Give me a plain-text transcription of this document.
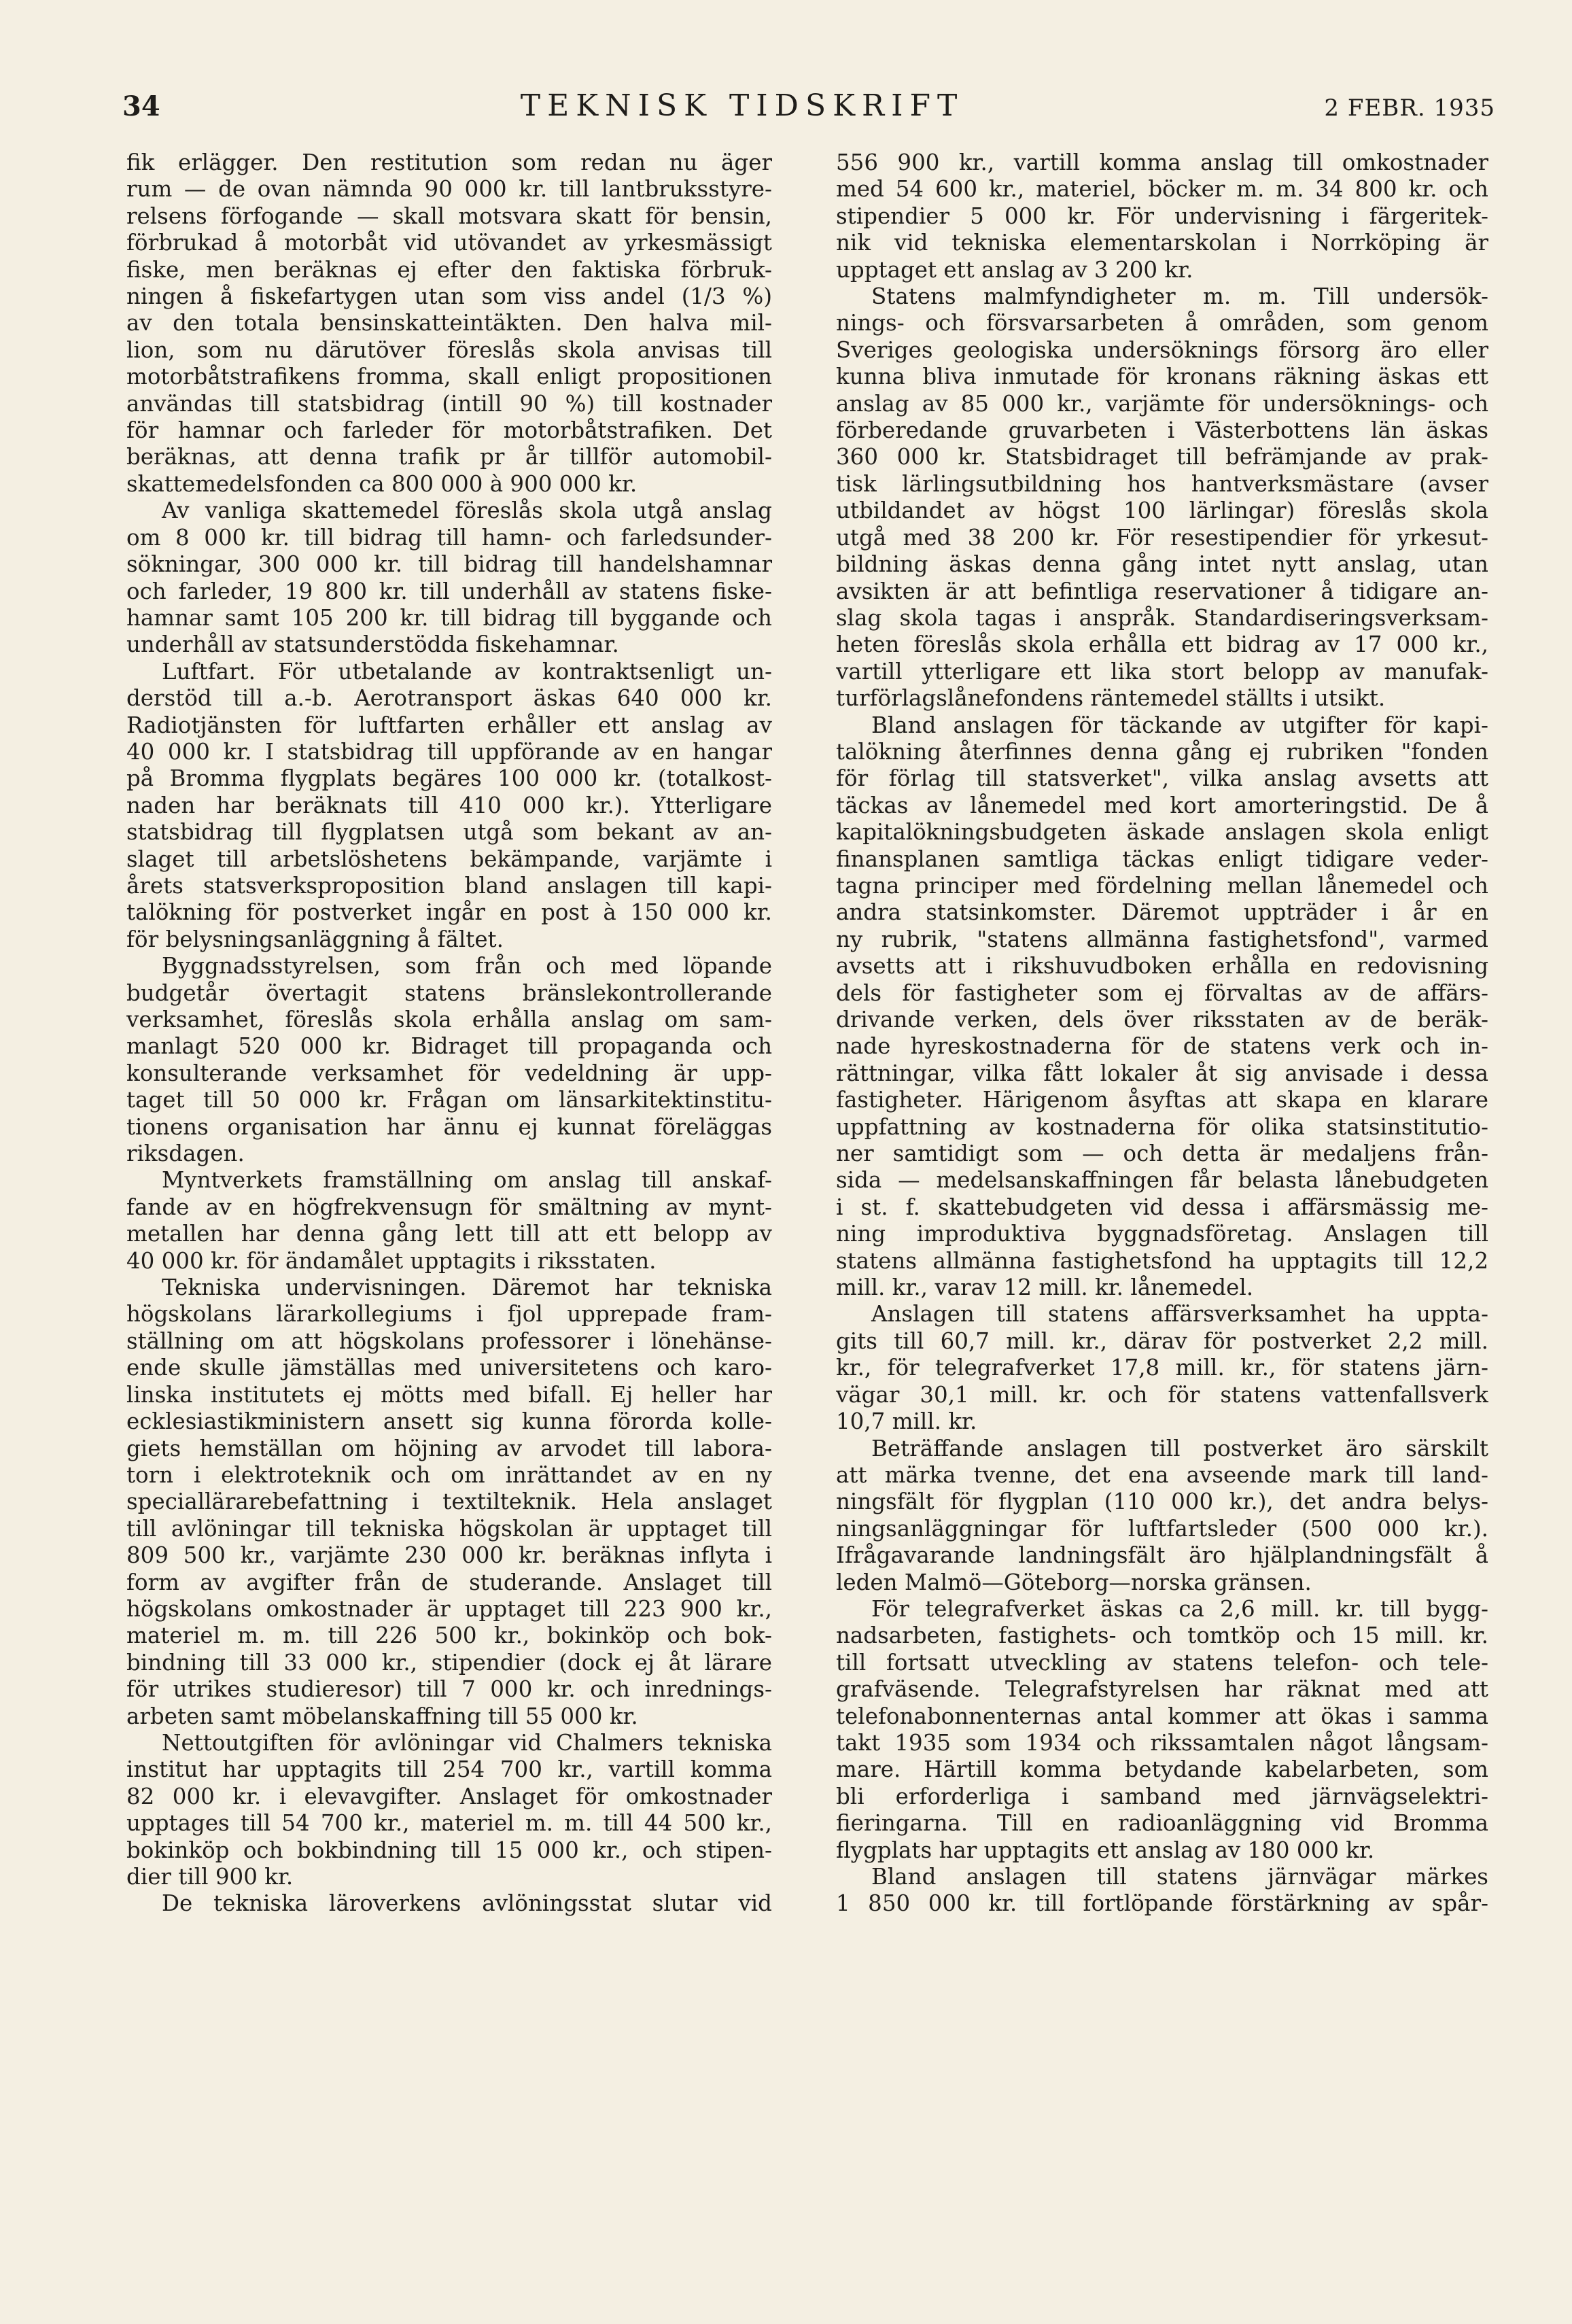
34	TEKNISK TIDSKRIFT	2 FEBR. 1935
fik erlägger. Den restitution som redan nu äger
rum — de ovan nämnda 90 000 kr. till lantbruksstyre-
relsens förfogande — skall motsvara skatt för bensin,
förbrukad å motorbåt vid utövandet av yrkesmässigt
fiske, men beräknas ej efter den faktiska förbruk-
ningen å fiskefartygen utan som viss andel (1/3 %)
av den totala bensinskatteintäkten. Den halva mil-
lion, som nu därutöver föreslås skola anvisas till
motorbåtstrafikens fromma, skall enligt propositionen
användas till statsbidrag (intill 90 %) till kostnader
för hamnar och farleder för motorbåtstrafiken. Det
beräknas, att denna trafik pr år tillför automobil-
skattemedelsfonden ca 800 000 à 900 000 kr.
Av vanliga skattemedel föreslås skola utgå anslag
om 8 000 kr. till bidrag till hamn- och farledsunder-
sökningar, 300 000 kr. till bidrag till handelshamnar
och farleder, 19 800 kr. till underhåll av statens fiske-
hamnar samt 105 200 kr. till bidrag till byggande och
underhåll av statsunderstödda fiskehamnar.
Luftfart. För utbetalande av kontraktsenligt un-
derstöd till a.-b. Aerotransport äskas 640 000 kr.
Radiotjänsten för luftfarten erhåller ett anslag av
40 000 kr. I statsbidrag till uppförande av en hangar
på Bromma flygplats begäres 100 000 kr. (totalkost-
naden har beräknats till 410 000 kr.). Ytterligare
statsbidrag till flygplatsen utgå som bekant av an-
slaget till arbetslöshetens bekämpande, varjämte i
årets statsverksproposition bland anslagen till kapi-
talökning för postverket ingår en post à 150 000 kr.
för belysningsanläggning å fältet.
Byggnadsstyrelsen, som från och med löpande
budgetår övertagit statens bränslekontrollerande
verksamhet, föreslås skola erhålla anslag om sam-
manlagt 520 000 kr. Bidraget till propaganda och
konsulterande verksamhet för vedeldning är upp-
taget till 50 000 kr. Frågan om länsarkitektinstitu-
tionens organisation har ännu ej kunnat föreläggas
riksdagen.
Myntverkets framställning om anslag till anskaf-
fande av en högfrekvensugn för smältning av mynt-
metallen har denna gång lett till att ett belopp av
40 000 kr. för ändamålet upptagits i riksstaten.
Tekniska undervisningen. Däremot har tekniska
högskolans lärarkollegiums i fjol upprepade fram-
ställning om att högskolans professorer i lönehänse-
ende skulle jämställas med universitetens och karo-
linska institutets ej mötts med bifall. Ej heller har
ecklesiastikministern ansett sig kunna förorda kolle-
giets hemställan om höjning av arvodet till labora-
torn i elektroteknik och om inrättandet av en ny
speciallärarebefattning i textilteknik. Hela anslaget
till avlöningar till tekniska högskolan är upptaget till
809 500 kr., varjämte 230 000 kr. beräknas inflyta i
form av avgifter från de studerande. Anslaget till
högskolans omkostnader är upptaget till 223 900 kr.,
materiel m. m. till 226 500 kr., bokinköp och bok-
bindning till 33 000 kr., stipendier (dock ej åt lärare
för utrikes studieresor) till 7 000 kr. och inrednings-
arbeten samt möbelanskaffning till 55 000 kr.
Nettoutgiften för avlöningar vid Chalmers tekniska
institut har upptagits till 254 700 kr., vartill komma
82 000 kr. i elevavgifter. Anslaget för omkostnader
upptages till 54 700 kr., materiel m. m. till 44 500 kr.,
bokinköp och bokbindning till 15 000 kr., och stipen-
dier till 900 kr.
De tekniska läroverkens avlöningsstat slutar vid
556 900 kr., vartill komma anslag till omkostnader
med 54 600 kr., materiel, böcker m. m. 34 800 kr. och
stipendier 5 000 kr. För undervisning i färgeritek-
nik vid tekniska elementarskolan i Norrköping är
upptaget ett anslag av 3 200 kr.
Statens malmfyndigheter m. m. Till undersök-
nings- och försvarsarbeten å områden, som genom
Sveriges geologiska undersöknings försorg äro eller
kunna bliva inmutade för kronans räkning äskas ett
anslag av 85 000 kr., varjämte för undersöknings- och
förberedande gruvarbeten i Västerbottens län äskas
360 000 kr. Statsbidraget till befrämjande av prak-
tisk lärlingsutbildning hos hantverksmästare (avser
utbildandet av högst 100 lärlingar) föreslås skola
utgå med 38 200 kr. För resestipendier för yrkesut-
bildning äskas denna gång intet nytt anslag, utan
avsikten är att befintliga reservationer å tidigare an-
slag skola tagas i anspråk. Standardiseringsverksam-
heten föreslås skola erhålla ett bidrag av 17 000 kr.,
vartill ytterligare ett lika stort belopp av manufak-
turförlagslånefondens räntemedel ställts i utsikt.
Bland anslagen för täckande av utgifter för kapi-
talökning återfinnes denna gång ej rubriken "fonden
för förlag till statsverket", vilka anslag avsetts att
täckas av lånemedel med kort amorteringstid. De å
kapitalökningsbudgeten äskade anslagen skola enligt
finansplanen samtliga täckas enligt tidigare veder-
tagna principer med fördelning mellan lånemedel och
andra statsinkomster. Däremot uppträder i år en
ny rubrik, "statens allmänna fastighetsfond", varmed
avsetts att i rikshuvudboken erhålla en redovisning
dels för fastigheter som ej förvaltas av de affärs-
drivande verken, dels över riksstaten av de beräk-
nade hyreskostnaderna för de statens verk och in-
rättningar, vilka fått lokaler åt sig anvisade i dessa
fastigheter. Härigenom åsyftas att skapa en klarare
uppfattning av kostnaderna för olika statsinstitutio-
ner samtidigt som — och detta är medaljens från-
sida — medelsanskaffningen får belasta lånebudgeten
i st. f. skattebudgeten vid dessa i affärsmässig me-
ning improduktiva byggnadsföretag. Anslagen till
statens allmänna fastighetsfond ha upptagits till 12,2
mill. kr., varav 12 mill. kr. lånemedel.
Anslagen till statens affärsverksamhet ha uppta-
gits till 60,7 mill. kr., därav för postverket 2,2 mill.
kr., för telegrafverket 17,8 mill. kr., för statens järn-
vägar 30,1 mill. kr. och för statens vattenfallsverk
10,7 mill. kr.
Beträffande anslagen till postverket äro särskilt
att märka tvenne, det ena avseende mark till land-
ningsfält för flygplan (110 000 kr.), det andra belys-
ningsanläggningar för luftfartsleder (500 000 kr.).
Ifrågavarande landningsfält äro hjälplandningsfält å
leden Malmö—Göteborg—norska gränsen.
För telegrafverket äskas ca 2,6 mill. kr. till bygg-
nadsarbeten, fastighets- och tomtköp och 15 mill. kr.
till fortsatt utveckling av statens telefon- och tele-
grafväsende. Telegrafstyrelsen har räknat med att
telefonabonnenternas antal kommer att ökas i samma
takt 1935 som 1934 och rikssamtalen något långsam-
mare. Härtill komma betydande kabelarbeten, som
bli erforderliga i samband med järnvägselektri-
fieringarna. Till en radioanläggning vid Bromma
flygplats har upptagits ett anslag av 180 000 kr.
Bland anslagen till statens järnvägar märkes
1 850 000 kr. till fortlöpande förstärkning av spår-
